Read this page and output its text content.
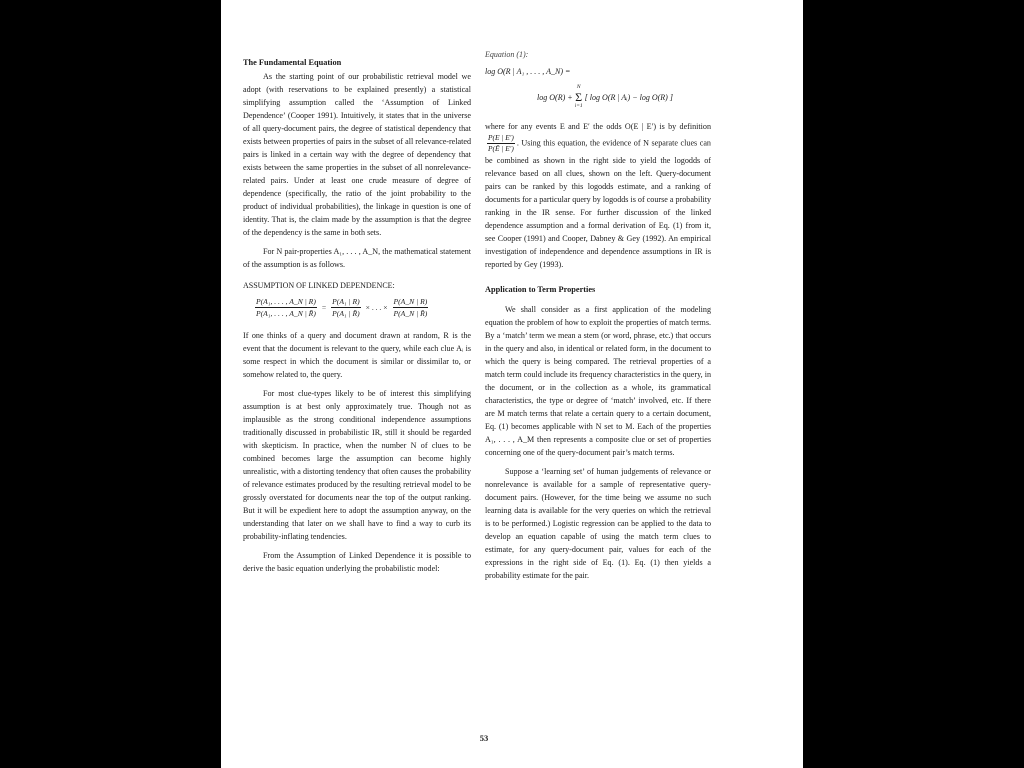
The Fundamental Equation

As the starting point of our probabilistic retrieval model we adopt (with reservations to be explained presently) a statistical simplifying assumption called the ‘Assumption of Linked Dependence’ (Cooper 1991). Intuitively, it states that in the universe of all query-document pairs, the degree of statistical dependency that exists between properties of pairs in the subset of all relevance-related pairs is linked in a certain way with the degree of dependency that exists between the same properties in the subset of all nonrelevance-related pairs. Under at least one crude measure of degree of dependence (specifically, the ratio of the joint probability to the product of individual probabilities), the linkage in question is one of identity. That is, the claim made by the assumption is that the degree of the dependency is the same in both sets.

For N pair-properties A₁, . . . , A_N, the mathematical statement of the assumption is as follows.

ASSUMPTION OF LINKED DEPENDENCE:
$\frac{\text{P(A₁, . . . , A\_N | R)}}{\text{P(A₁, . . . , A\_N | R̄)}} = \frac{\text{P(A₁ | R)}}{\text{P(A₁ | R̄)}}$ × . . . × $\frac{P(A\_N | R)}{P(A\_N | R̄)}$

If one thinks of a query and document drawn at random, R is the event that the document is relevant to the query, while each clue Aᵢ is some respect in which the document is similar or dissimilar to, or somehow related to, the query.

For most clue-types likely to be of interest this simplifying assumption is at best only approximately true. Though not as implausible as the strong conditional independence assumptions traditionally discussed in probabilistic IR, still it should be regarded with skepticism. In practice, when the number N of clues to be combined becomes large the assumption can become highly unrealistic, with a distorting tendency that often causes the probability of relevance estimates produced by the resulting retrieval model to be grossly overstated for documents near the top of the output ranking. But it will be expedient here to adopt the assumption anyway, on the understanding that later on we shall have to find a way to curb its probability-inflating tendencies.

From the Assumption of Linked Dependence it is possible to derive the basic equation underlying the probabilistic model:

Equation (1):
log O(R | A₁ , . . . , A_N) =
log O(R) +
N
Σ
i=1
[ log O(R | Aᵢ) − log O(R) ]

where for any events E and E′ the odds O(E | E′) is by definition
$\frac{P(E | E')}{P(Ē | E')}$ . Using this equation, the evidence of N separate clues can be combined as shown in the right side to yield the logodds of relevance based on all clues, shown on the left. Query-document pairs can be ranked by this logodds estimate, and a ranking of documents for a particular query by logodds is of course a probability ranking in the IR sense. For further discussion of the linked dependence assumption and a formal derivation of Eq. (1) from it, see Cooper (1991) and Cooper, Dabney & Gey (1992). An empirical investigation of independence and dependence assumptions in IR is reported by Gey (1993).

Application to Term Properties

We shall consider as a first application of the modeling equation the problem of how to exploit the properties of match terms. By a ‘match’ term we mean a stem (or word, phrase, etc.) that occurs in the query and also, in identical or related form, in the document to which the query is being compared. The retrieval properties of a match term could include its frequency characteristics in the query, in the document, or in the collection as a whole, its grammatical characteristics, the type or degree of ‘match’ involved, etc. If there are M match terms that relate a certain query to a certain document, Eq. (1) becomes applicable with N set to M. Each of the properties A₁, . . . , A_M then represents a composite clue or set of properties concerning one of the query-document pair’s match terms.

Suppose a ‘learning set’ of human judgements of relevance or nonrelevance is available for a sample of representative query-document pairs. (However, for the time being we assume no such learning data is available for the very queries on which the retrieval is to be performed.) Logistic regression can be applied to the data to develop an equation capable of using the match term clues to estimate, for any query-document pair, values for each of the expressions in the right side of Eq. (1). Eq. (1) then yields a probability estimate for the pair.

53
